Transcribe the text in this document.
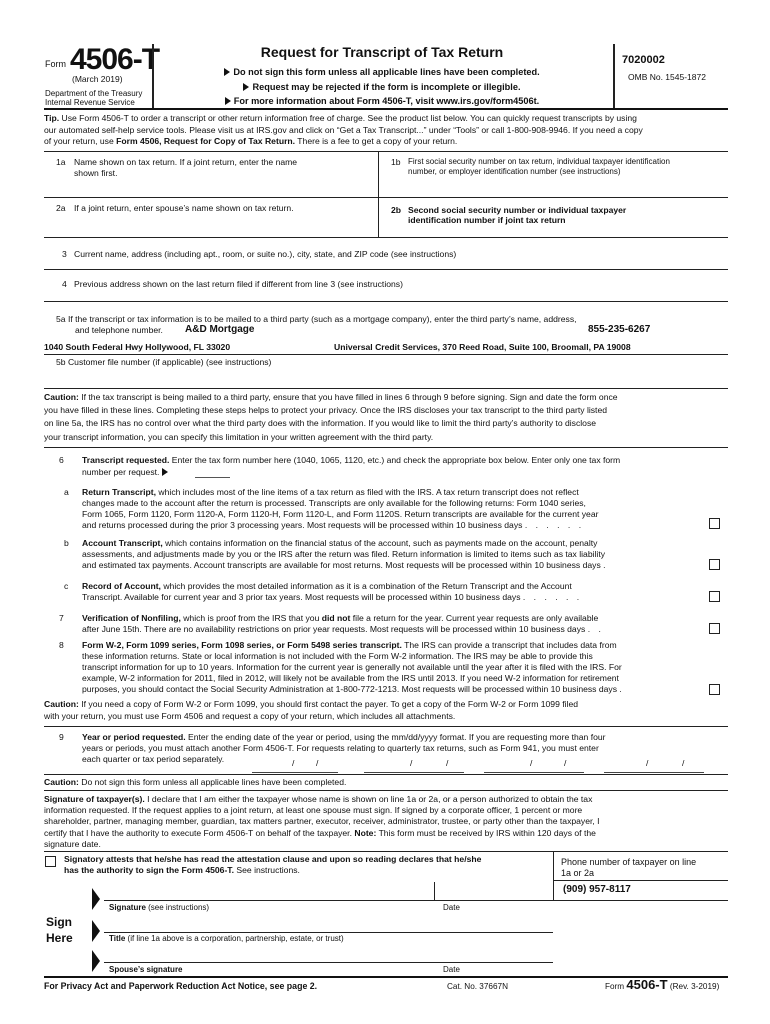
Form 4506-T
(March 2019)
Department of the Treasury
Internal Revenue Service
Request for Transcript of Tax Return
Do not sign this form unless all applicable lines have been completed.
Request may be rejected if the form is incomplete or illegible.
For more information about Form 4506-T, visit www.irs.gov/form4506t.
7020002
OMB No. 1545-1872
Tip. Use Form 4506-T to order a transcript or other return information free of charge. See the product list below. You can quickly request transcripts by using
our automated self-help service tools. Please visit us at IRS.gov and click on “Get a Tax Transcript...” under “Tools” or call 1-800-908-9946. If you need a copy
of your return, use Form 4506, Request for Copy of Tax Return. There is a fee to get a copy of your return.
1a Name shown on tax return. If a joint return, enter the name
shown first.
1b First social security number on tax return, individual taxpayer identification
number, or employer identification number (see instructions)
2a If a joint return, enter spouse’s name shown on tax return.	2b Second social security number or individual taxpayer
identification number if joint tax return
3 Current name, address (including apt., room, or suite no.), city, state, and ZIP code (see instructions)
4 Previous address shown on the last return filed if different from line 3 (see instructions)
5a If the transcript or tax information is to be mailed to a third party (such as a mortgage company), enter the third party’s name, address,
and telephone number.	A&D Mortgage	855-235-6267
1040 South Federal Hwy Hollywood, FL 33020	Universal Credit Services, 370 Reed Road, Suite 100, Broomall, PA 19008
5b Customer file number (if applicable) (see instructions)
Caution: If the tax transcript is being mailed to a third party, ensure that you have filled in lines 6 through 9 before signing. Sign and date the form once
you have filled in these lines. Completing these steps helps to protect your privacy. Once the IRS discloses your tax transcript to the third party listed
on line 5a, the IRS has no control over what the third party does with the information. If you would like to limit the third party’s authority to disclose
your transcript information, you can specify this limitation in your written agreement with the third party.
6 Transcript requested. Enter the tax form number here (1040, 1065, 1120, etc.) and check the appropriate box below. Enter only one tax form
number per request.
a Return Transcript, which includes most of the line items of a tax return as filed with the IRS. A tax return transcript does not reflect
changes made to the account after the return is processed. Transcripts are only available for the following returns: Form 1040 series,
Form 1065, Form 1120, Form 1120-A, Form 1120-H, Form 1120-L, and Form 1120S. Return transcripts are available for the current year
and returns processed during the prior 3 processing years. Most requests will be processed within 10 business days . . . . . .
b Account Transcript, which contains information on the financial status of the account, such as payments made on the account, penalty
assessments, and adjustments made by you or the IRS after the return was filed. Return information is limited to items such as tax liability
and estimated tax payments. Account transcripts are available for most returns. Most requests will be processed within 10 business days .
c Record of Account, which provides the most detailed information as it is a combination of the Return Transcript and the Account
Transcript. Available for current year and 3 prior tax years. Most requests will be processed within 10 business days . . . . . .
7 Verification of Nonfiling, which is proof from the IRS that you did not file a return for the year. Current year requests are only available
after June 15th. There are no availability restrictions on prior year requests. Most requests will be processed within 10 business days . .
8 Form W-2, Form 1099 series, Form 1098 series, or Form 5498 series transcript. The IRS can provide a transcript that includes data from
these information returns. State or local information is not included with the Form W-2 information. The IRS may be able to provide this
transcript information for up to 10 years. Information for the current year is generally not available until the year after it is filed with the IRS. For
example, W-2 information for 2011, filed in 2012, will likely not be available from the IRS until 2013. If you need W-2 information for retirement
purposes, you should contact the Social Security Administration at 1-800-772-1213. Most requests will be processed within 10 business days .
Caution: If you need a copy of Form W-2 or Form 1099, you should first contact the payer. To get a copy of the Form W-2 or Form 1099 filed
with your return, you must use Form 4506 and request a copy of your return, which includes all attachments.
9 Year or period requested. Enter the ending date of the year or period, using the mm/dd/yyyy format. If you are requesting more than four
years or periods, you must attach another Form 4506-T. For requests relating to quarterly tax returns, such as Form 941, you must enter
each quarter or tax period separately.	/	/	/	/	/	/	/	/
Caution: Do not sign this form unless all applicable lines have been completed.
Signature of taxpayer(s). I declare that I am either the taxpayer whose name is shown on line 1a or 2a, or a person authorized to obtain the tax
information requested. If the request applies to a joint return, at least one spouse must sign. If signed by a corporate officer, 1 percent or more
shareholder, partner, managing member, guardian, tax matters partner, executor, receiver, administrator, trustee, or party other than the taxpayer, I
certify that I have the authority to execute Form 4506-T on behalf of the taxpayer. Note: This form must be received by IRS within 120 days of the
signature date.
Signatory attests that he/she has read the attestation clause and upon so reading declares that he/she
has the authority to sign the Form 4506-T. See instructions.
Phone number of taxpayer on line
1a or 2a
(909) 957-8117
Sign
Here
Signature (see instructions)	Date
Title (if line 1a above is a corporation, partnership, estate, or trust)
Spouse’s signature	Date
For Privacy Act and Paperwork Reduction Act Notice, see page 2.	Cat. No. 37667N	Form 4506-T (Rev. 3-2019)
